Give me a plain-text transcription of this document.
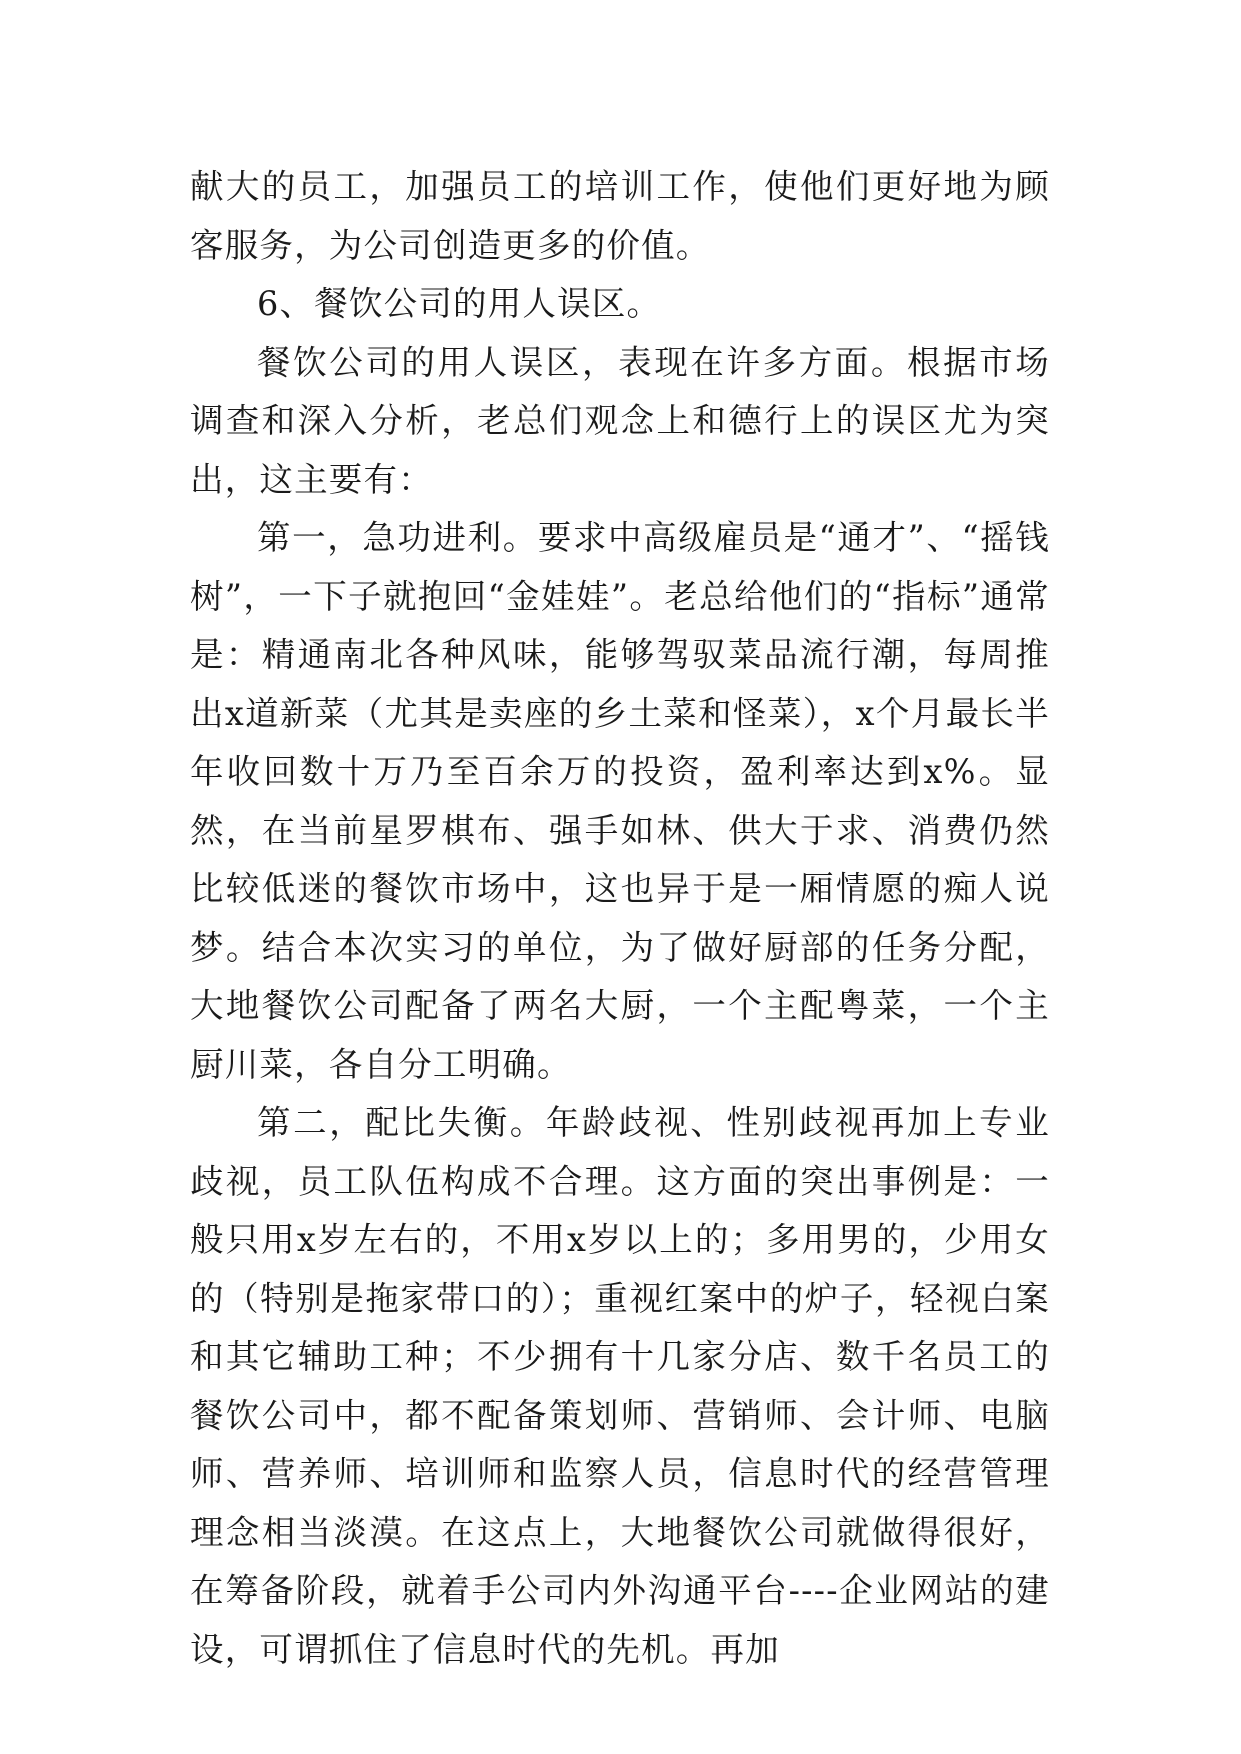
献大的员工，加强员工的培训工作，使他们更好地为顾客服务，为公司创造更多的价值。

6、餐饮公司的用人误区。

餐饮公司的用人误区，表现在许多方面。根据市场调查和深入分析，老总们观念上和德行上的误区尤为突出，这主要有：

第一，急功进利。要求中高级雇员是“通才”、“摇钱树”，一下子就抱回“金娃娃”。老总给他们的“指标”通常是：精通南北各种风味，能够驾驭菜品流行潮，每周推出x道新菜（尤其是卖座的乡土菜和怪菜），x个月最长半年收回数十万乃至百余万的投资，盈利率达到x%。显然，在当前星罗棋布、强手如林、供大于求、消费仍然比较低迷的餐饮市场中，这也异于是一厢情愿的痴人说梦。结合本次实习的单位，为了做好厨部的任务分配，大地餐饮公司配备了两名大厨，一个主配粤菜，一个主厨川菜，各自分工明确。

第二，配比失衡。年龄歧视、性别歧视再加上专业歧视，员工队伍构成不合理。这方面的突出事例是：一般只用x岁左右的，不用x岁以上的；多用男的，少用女的（特别是拖家带口的）；重视红案中的炉子，轻视白案和其它辅助工种；不少拥有十几家分店、数千名员工的餐饮公司中，都不配备策划师、营销师、会计师、电脑师、营养师、培训师和监察人员，信息时代的经营管理理念相当淡漠。在这点上，大地餐饮公司就做得很好，在筹备阶段，就着手公司内外沟通平台----企业网站的建设，可谓抓住了信息时代的先机。再加
